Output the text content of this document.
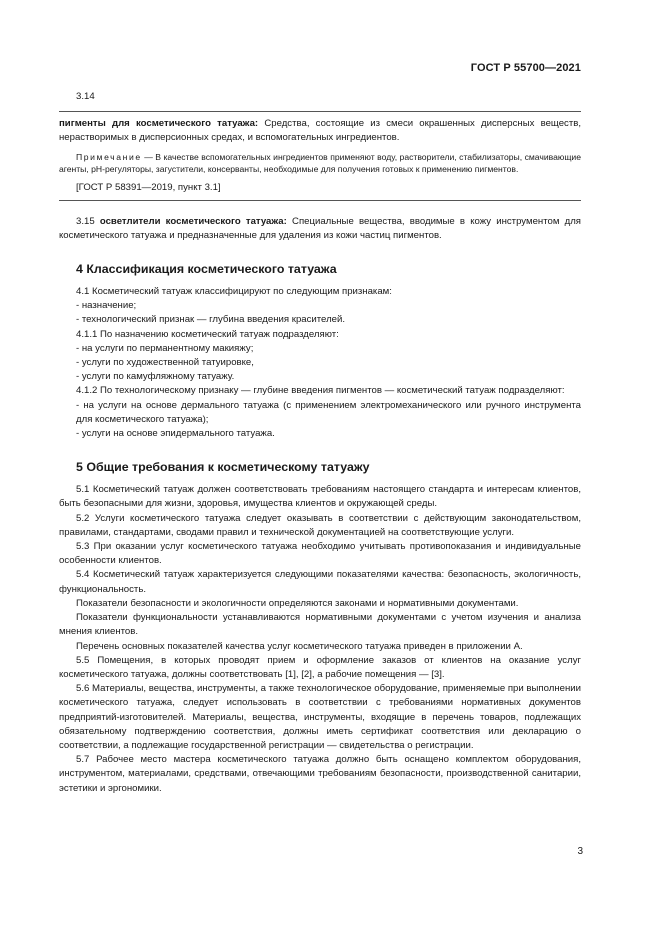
ГОСТ Р 55700—2021

3.14

пигменты для косметического татуажа: Средства, состоящие из смеси окрашенных дисперсных веществ, нерастворимых в дисперсионных средах, и вспомогательных ингредиентов.

Примечание — В качестве вспомогательных ингредиентов применяют воду, растворители, стабилизаторы, смачивающие агенты, pH-регуляторы, загустители, консерванты, необходимые для получения готовых к применению пигментов.

[ГОСТ Р 58391—2019, пункт 3.1]

3.15 осветлители косметического татуажа: Специальные вещества, вводимые в кожу инструментом для косметического татуажа и предназначенные для удаления из кожи частиц пигментов.

4 Классификация косметического татуажа

4.1 Косметический татуаж классифицируют по следующим признакам:

- назначение;

- технологический признак — глубина введения красителей.

4.1.1 По назначению косметический татуаж подразделяют:

- на услуги по перманентному макияжу;

- услуги по художественной татуировке,

- услуги по камуфляжному татуажу.

4.1.2 По технологическому признаку — глубине введения пигментов — косметический татуаж подразделяют:

- на услуги на основе дермального татуажа (с применением электромеханического или ручного инструмента для косметического татуажа);

- услуги на основе эпидермального татуажа.

5 Общие требования к косметическому татуажу

5.1 Косметический татуаж должен соответствовать требованиям настоящего стандарта и интересам клиентов, быть безопасными для жизни, здоровья, имущества клиентов и окружающей среды.

5.2 Услуги косметического татуажа следует оказывать в соответствии с действующим законодательством, правилами, стандартами, сводами правил и технической документацией на соответствующие услуги.

5.3 При оказании услуг косметического татуажа необходимо учитывать противопоказания и индивидуальные особенности клиентов.

5.4 Косметический татуаж характеризуется следующими показателями качества: безопасность, экологичность, функциональность.

Показатели безопасности и экологичности определяются законами и нормативными документами.

Показатели функциональности устанавливаются нормативными документами с учетом изучения и анализа мнения клиентов.

Перечень основных показателей качества услуг косметического татуажа приведен в приложении А.

5.5 Помещения, в которых проводят прием и оформление заказов от клиентов на оказание услуг косметического татуажа, должны соответствовать [1], [2], а рабочие помещения — [3].

5.6 Материалы, вещества, инструменты, а также технологическое оборудование, применяемые при выполнении косметического татуажа, следует использовать в соответствии с требованиями нормативных документов предприятий-изготовителей. Материалы, вещества, инструменты, входящие в перечень товаров, подлежащих обязательному подтверждению соответствия, должны иметь сертификат соответствия или декларацию о соответствии, а подлежащие государственной регистрации — свидетельства о регистрации.

5.7 Рабочее место мастера косметического татуажа должно быть оснащено комплектом оборудования, инструментом, материалами, средствами, отвечающими требованиям безопасности, производственной санитарии, эстетики и эргономики.

3
